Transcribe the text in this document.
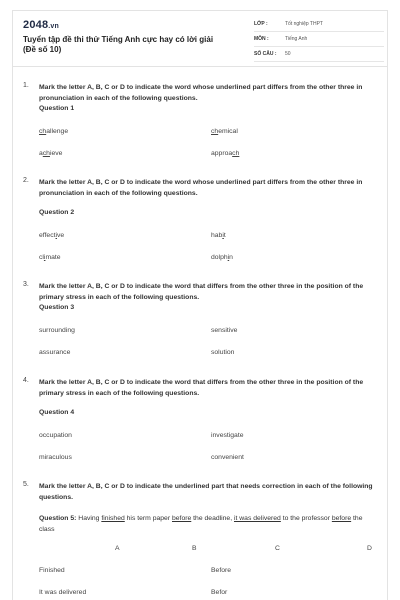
2048.vn
Tuyển tập đề thi thử Tiếng Anh cực hay có lời giải (Đề số 10)
LỚP :	Tốt nghiệp THPT
MÔN :	Tiếng Anh
SỐ CÂU :	50
1. Mark the letter A, B, C or D to indicate the word whose underlined part differs from the other three in pronunciation in each of the following questions.
Question 1
challenge	chemical
achieve	approach
2. Mark the letter A, B, C or D to indicate the word whose underlined part differs from the other three in pronunciation in each of the following questions.
Question 2
effective	habit
climate	dolphin
3. Mark the letter A, B, C or D to indicate the word that differs from the other three in the position of the primary stress in each of the following questions.
Question 3
surrounding	sensitive
assurance	solution
4. Mark the letter A, B, C or D to indicate the word that differs from the other three in the position of the primary stress in each of the following questions.
Question 4
occupation	investigate
miraculous	convenient
5. Mark the letter A, B, C or D to indicate the underlined part that needs correction in each of the following questions.
Question 5: Having finished his term paper before the deadline, it was delivered to the professor before the class
A	B	C	D
Finished	Before
It was delivered	Befor
